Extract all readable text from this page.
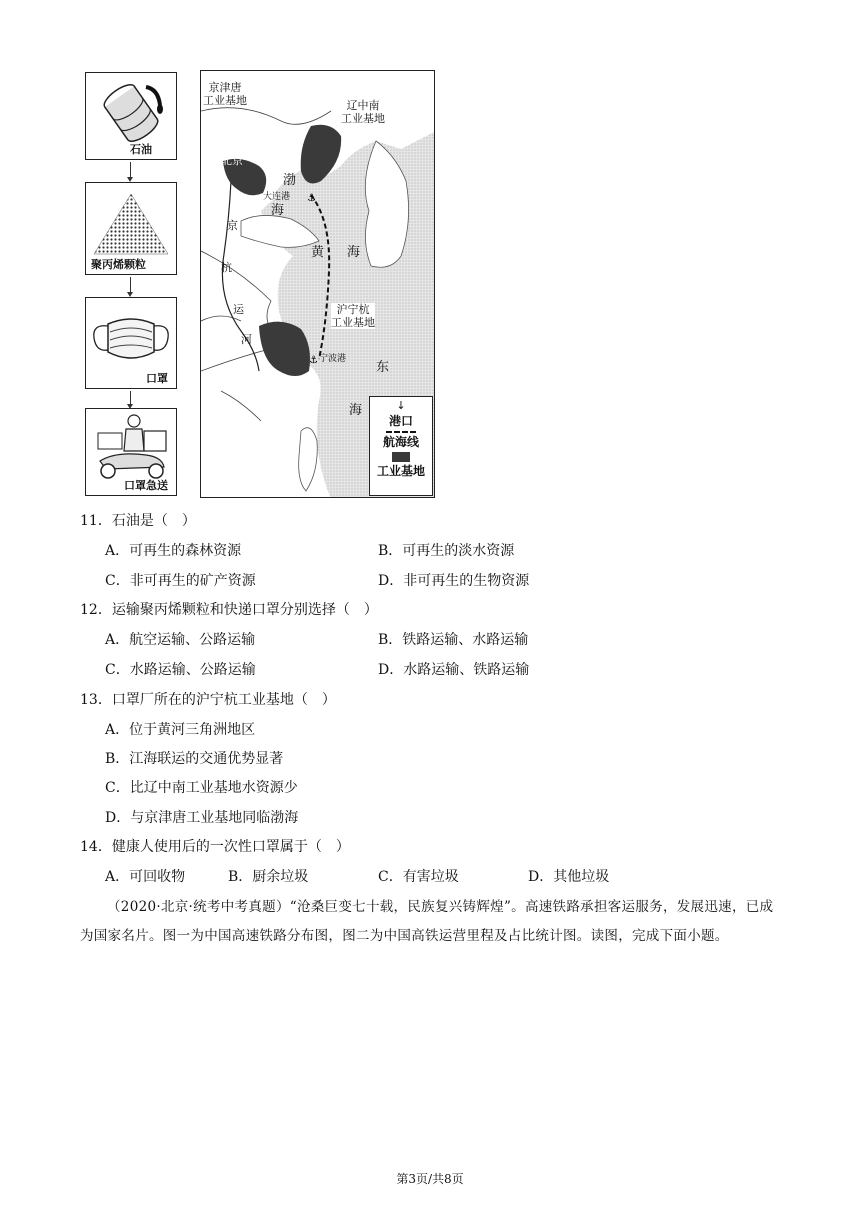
石油
聚丙烯颗粒
口罩
口罩急送
⚓
⚓
京津唐
工业基地	辽中南
工业基地
沪宁杭
工业基地
北京
大连港
宁波港
渤
海
黄 海
东
海
京
杭
运
河
↓
港口
航海线
工业基地
11．石油是（　）
A．可再生的森林资源	B．可再生的淡水资源
C．非可再生的矿产资源	D．非可再生的生物资源
12．运输聚丙烯颗粒和快递口罩分别选择（　）
A．航空运输、公路运输	B．铁路运输、水路运输
C．水路运输、公路运输	D．水路运输、铁路运输
13．口罩厂所在的沪宁杭工业基地（　）
A．位于黄河三角洲地区
B．江海联运的交通优势显著
C．比辽中南工业基地水资源少
D．与京津唐工业基地同临渤海
14．健康人使用后的一次性口罩属于（　）
A．可回收物	B．厨余垃圾	C．有害垃圾	D．其他垃圾
（2020·北京·统考中考真题）“沧桑巨变七十载，民族复兴铸辉煌”。高速铁路承担客运服务，发展迅速，已成为国家名片。图一为中国高速铁路分布图，图二为中国高铁运营里程及占比统计图。读图，完成下面小题。
第3页/共8页
